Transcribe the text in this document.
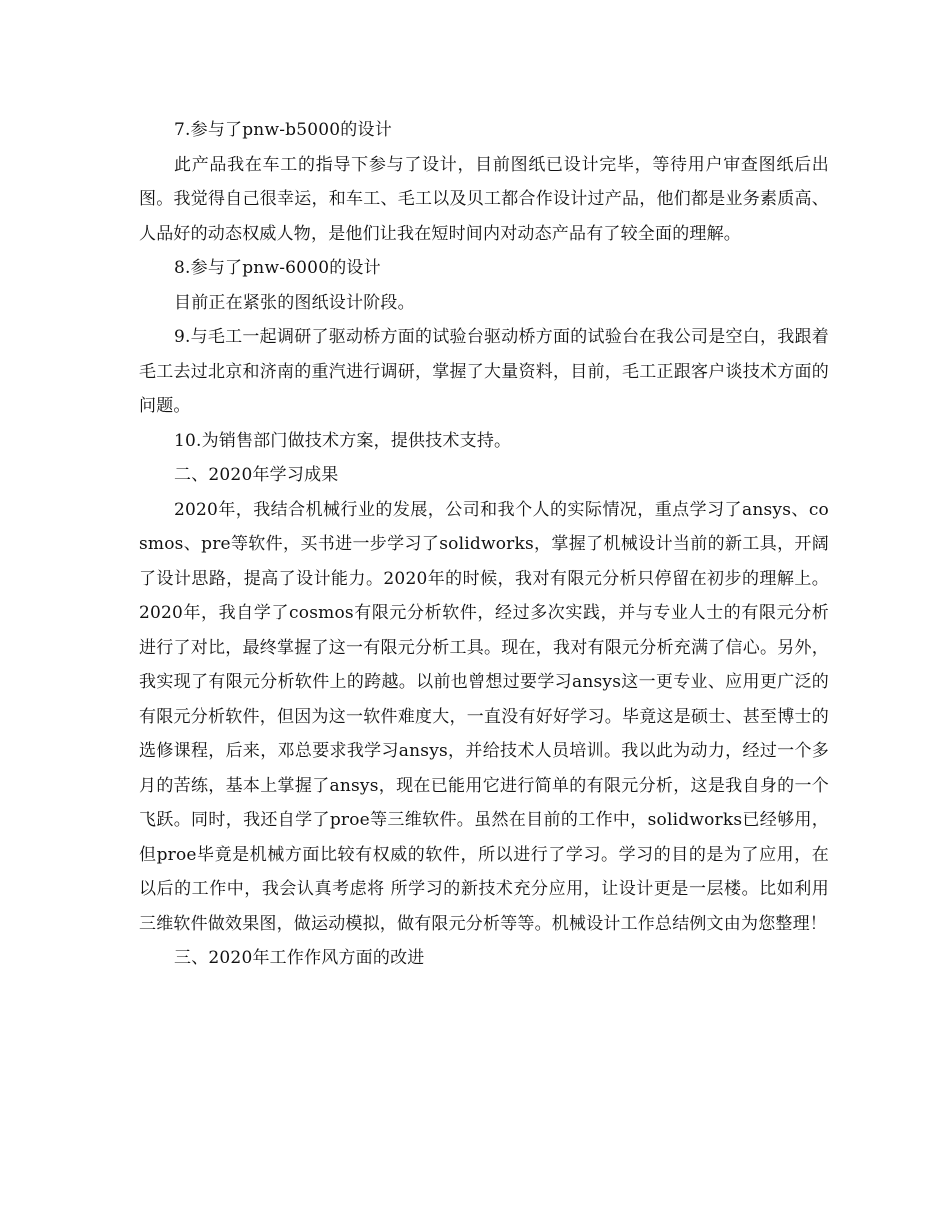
7.参与了pnw-b5000的设计

此产品我在车工的指导下参与了设计，目前图纸已设计完毕，等待用户审查图纸后出图。我觉得自己很幸运，和车工、毛工以及贝工都合作设计过产品，他们都是业务素质高、人品好的动态权威人物，是他们让我在短时间内对动态产品有了较全面的理解。

8.参与了pnw-6000的设计

目前正在紧张的图纸设计阶段。

9.与毛工一起调研了驱动桥方面的试验台驱动桥方面的试验台在我公司是空白，我跟着毛工去过北京和济南的重汽进行调研，掌握了大量资料，目前，毛工正跟客户谈技术方面的问题。

10.为销售部门做技术方案，提供技术支持。

二、2020年学习成果

2020年，我结合机械行业的发展，公司和我个人的实际情况，重点学习了ansys、cosmos、pre等软件，买书进一步学习了solidworks，掌握了机械设计当前的新工具，开阔了设计思路，提高了设计能力。2020年的时候，我对有限元分析只停留在初步的理解上。2020年，我自学了cosmos有限元分析软件，经过多次实践，并与专业人士的有限元分析进行了对比，最终掌握了这一有限元分析工具。现在，我对有限元分析充满了信心。另外，我实现了有限元分析软件上的跨越。以前也曾想过要学习ansys这一更专业、应用更广泛的有限元分析软件，但因为这一软件难度大，一直没有好好学习。毕竟这是硕士、甚至博士的选修课程，后来，邓总要求我学习ansys，并给技术人员培训。我以此为动力，经过一个多月的苦练，基本上掌握了ansys，现在已能用它进行简单的有限元分析，这是我自身的一个飞跃。同时，我还自学了proe等三维软件。虽然在目前的工作中，solidworks已经够用，但proe毕竟是机械方面比较有权威的软件，所以进行了学习。学习的目的是为了应用，在以后的工作中，我会认真考虑将 所学习的新技术充分应用，让设计更是一层楼。比如利用三维软件做效果图，做运动模拟，做有限元分析等等。机械设计工作总结例文由为您整理！

三、2020年工作作风方面的改进
